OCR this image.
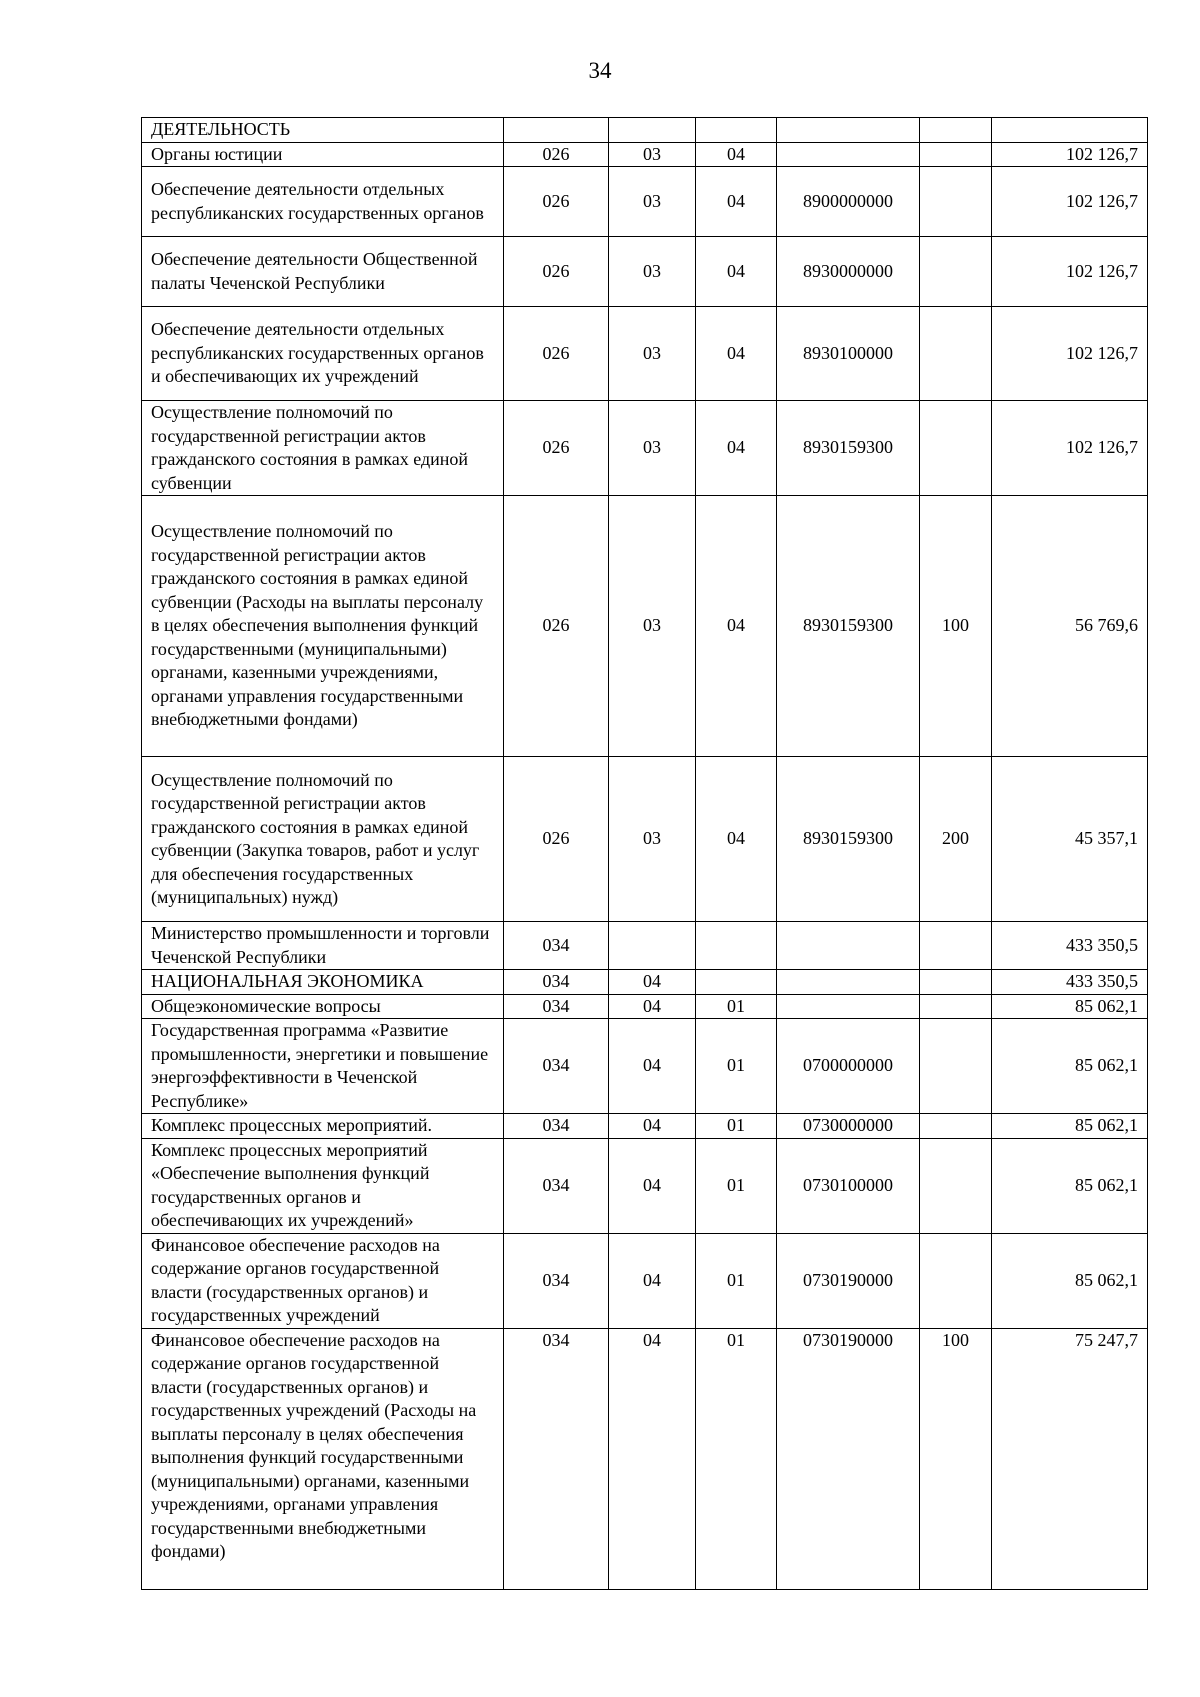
34
ДЕЯТЕЛЬНОСТЬ						
Органы юстиции	026	03	04			102 126,7
Обеспечение деятельности отдельных республиканских государственных органов	026	03	04	8900000000		102 126,7
Обеспечение деятельности Общественной палаты Чеченской Республики	026	03	04	8930000000		102 126,7
Обеспечение деятельности отдельных республиканских государственных органов и обеспечивающих их учреждений	026	03	04	8930100000		102 126,7
Осуществление полномочий по государственной регистрации актов гражданского состояния в рамках единой субвенции	026	03	04	8930159300		102 126,7
Осуществление полномочий по государственной регистрации актов гражданского состояния в рамках единой субвенции (Расходы на выплаты персоналу в целях обеспечения выполнения функций государственными (муниципальными) органами, казенными учреждениями, органами управления государственными внебюджетными фондами)	026	03	04	8930159300	100	56 769,6
Осуществление полномочий по государственной регистрации актов гражданского состояния в рамках единой субвенции (Закупка товаров, работ и услуг для обеспечения государственных (муниципальных) нужд)	026	03	04	8930159300	200	45 357,1
Министерство промышленности и торговли Чеченской Республики	034					433 350,5
НАЦИОНАЛЬНАЯ ЭКОНОМИКА	034	04				433 350,5
Общеэкономические вопросы	034	04	01			85 062,1
Государственная программа «Развитие промышленности, энергетики и повышение энергоэффективности в Чеченской Республике»	034	04	01	0700000000		85 062,1
Комплекс процессных мероприятий.	034	04	01	0730000000		85 062,1
Комплекс процессных мероприятий «Обеспечение выполнения функций государственных органов и обеспечивающих их учреждений»	034	04	01	0730100000		85 062,1
Финансовое обеспечение расходов на содержание органов государственной власти (государственных органов) и государственных учреждений	034	04	01	0730190000		85 062,1
Финансовое обеспечение расходов на содержание органов государственной власти (государственных органов) и государственных учреждений (Расходы на выплаты персоналу в целях обеспечения выполнения функций государственными (муниципальными) органами, казенными учреждениями, органами управления государственными внебюджетными фондами)	034	04	01	0730190000	100	75 247,7
